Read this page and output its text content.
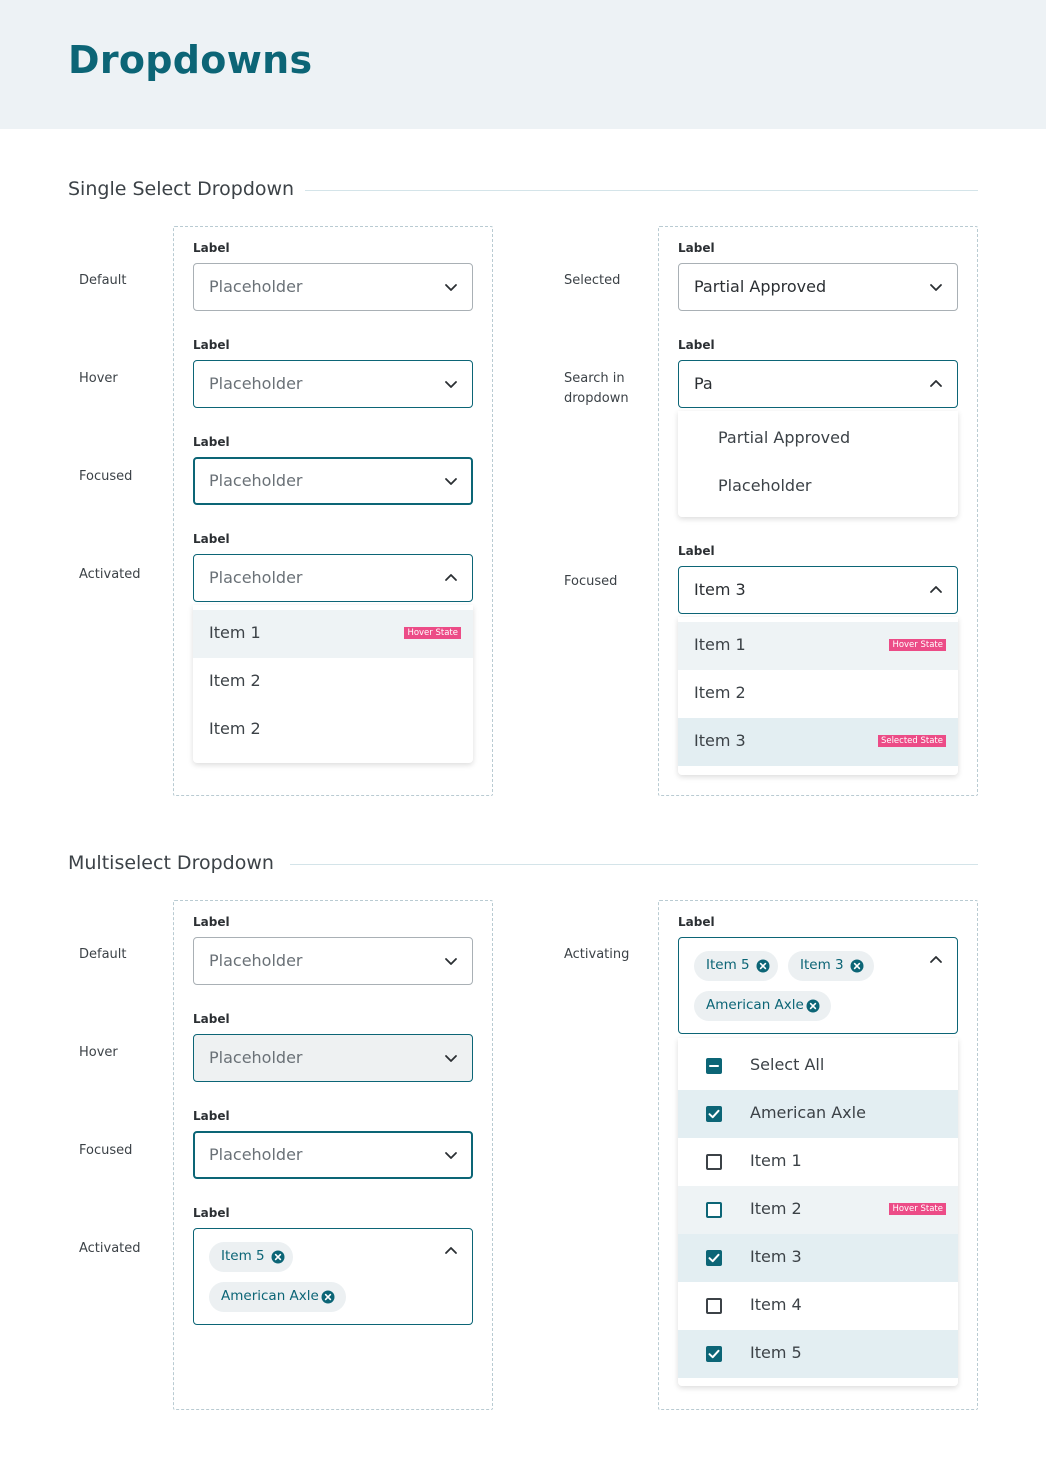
Dropdowns
Single Select Dropdown
Default
Hover
Focused
Activated
Label
Placeholder
Label
Placeholder
Label
Placeholder
Label
Placeholder
Item 1	Hover State
Item 2
Item 2
Selected
Search in dropdown
Focused
Label
Partial Approved
Label
Pa
Partial Approved
Placeholder
Label
Item 3
Item 1	Hover State
Item 2
Item 3	Selected State
Multiselect Dropdown
Default
Hover
Focused
Activated
Label
Placeholder
Label
Placeholder
Label
Placeholder
Label
Item 5
American Axle
Activating
Label
Item 5	Item 3
American Axle
Select All
American Axle
Item 1
Item 2	Hover State
Item 3
Item 4
Item 5
